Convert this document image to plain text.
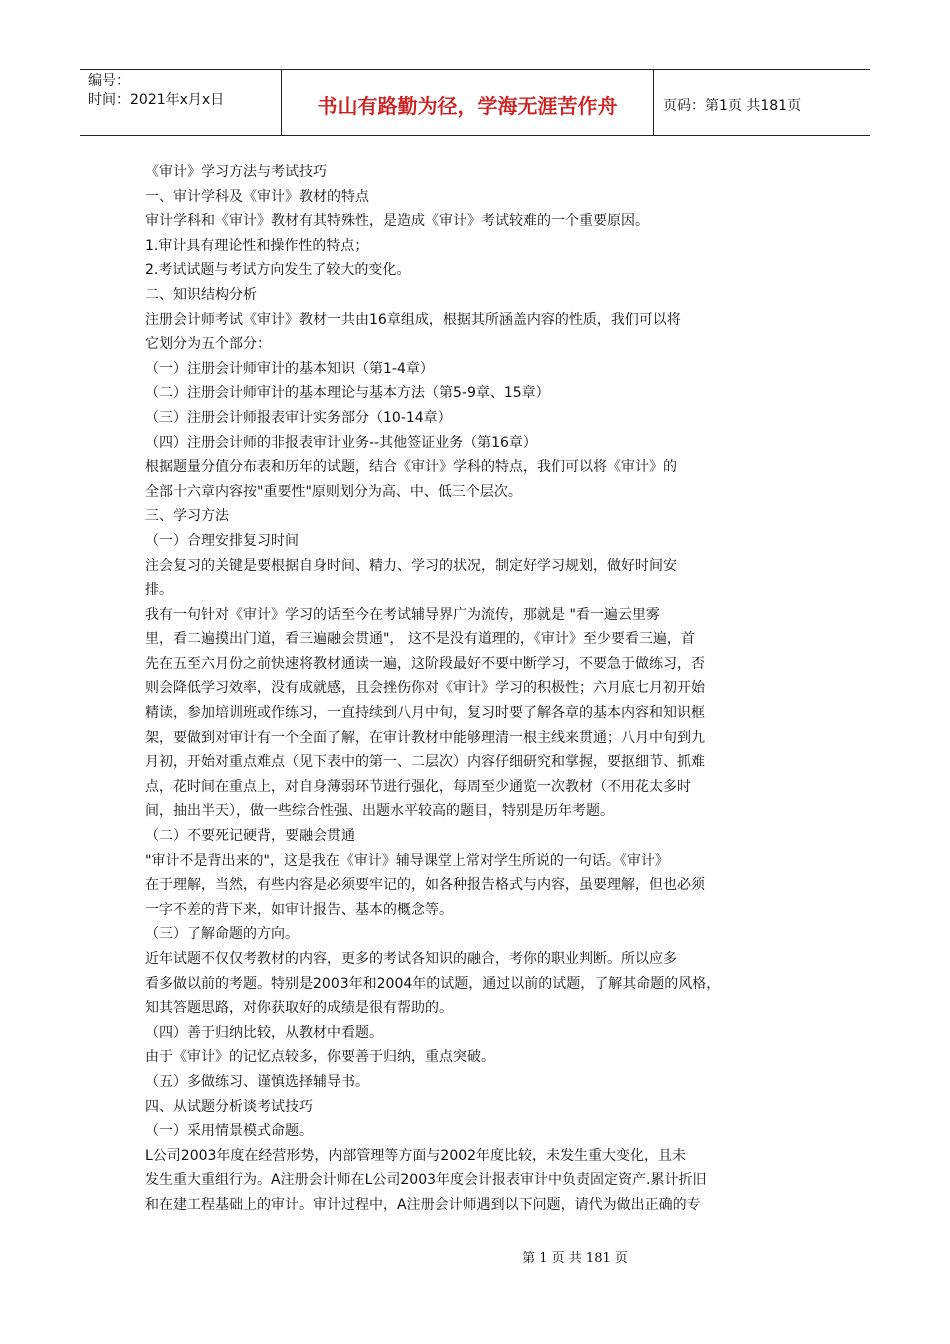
编号：
时间：2021年x月x日	书山有路勤为径，学海无涯苦作舟	页码：第1页 共181页
《审计》学习方法与考试技巧
一、审计学科及《审计》教材的特点
审计学科和《审计》教材有其特殊性，是造成《审计》考试较难的一个重要原因。
1.审计具有理论性和操作性的特点；
2.考试试题与考试方向发生了较大的变化。
二、知识结构分析
注册会计师考试《审计》教材一共由16章组成，根据其所涵盖内容的性质，我们可以将
它划分为五个部分：
（一）注册会计师审计的基本知识（第1-4章）
（二）注册会计师审计的基本理论与基本方法（第5-9章、15章）
（三）注册会计师报表审计实务部分（10-14章）
（四）注册会计师的非报表审计业务--其他签证业务（第16章）
根据题量分值分布表和历年的试题，结合《审计》学科的特点，我们可以将《审计》的
全部十六章内容按"重要性"原则划分为高、中、低三个层次。
三、学习方法
（一）合理安排复习时间
注会复习的关键是要根据自身时间、精力、学习的状况，制定好学习规划，做好时间安
排。
我有一句针对《审计》学习的话至今在考试辅导界广为流传，那就是 "看一遍云里雾
里，看二遍摸出门道，看三遍融会贯通"， 这不是没有道理的，《审计》至少要看三遍，首
先在五至六月份之前快速将教材通读一遍，这阶段最好不要中断学习，不要急于做练习，否
则会降低学习效率，没有成就感，且会挫伤你对《审计》学习的积极性；六月底七月初开始
精读，参加培训班或作练习，一直持续到八月中旬，复习时要了解各章的基本内容和知识框
架，要做到对审计有一个全面了解，在审计教材中能够理清一根主线来贯通；八月中旬到九
月初，开始对重点难点（见下表中的第一、二层次）内容仔细研究和掌握，要抠细节、抓难
点，花时间在重点上，对自身薄弱环节进行强化，每周至少通览一次教材（不用花太多时
间，抽出半天），做一些综合性强、出题水平较高的题目，特别是历年考题。
（二）不要死记硬背，要融会贯通
"审计不是背出来的"，这是我在《审计》辅导课堂上常对学生所说的一句话。《审计》
在于理解，当然，有些内容是必须要牢记的，如各种报告格式与内容，虽要理解，但也必须
一字不差的背下来，如审计报告、基本的概念等。
（三）了解命题的方向。
近年试题不仅仅考教材的内容，更多的考试各知识的融合，考你的职业判断。所以应多
看多做以前的考题。特别是2003年和2004年的试题，通过以前的试题，了解其命题的风格，
知其答题思路，对你获取好的成绩是很有帮助的。
（四）善于归纳比较，从教材中看题。
由于《审计》的记忆点较多，你要善于归纳，重点突破。
（五）多做练习、谨慎选择辅导书。
四、从试题分析谈考试技巧
（一）采用情景模式命题。
L公司2003年度在经营形势，内部管理等方面与2002年度比较，未发生重大变化，且未
发生重大重组行为。A注册会计师在L公司2003年度会计报表审计中负责固定资产.累计折旧
和在建工程基础上的审计。审计过程中，A注册会计师遇到以下问题，请代为做出正确的专
第 1 页 共 181 页
